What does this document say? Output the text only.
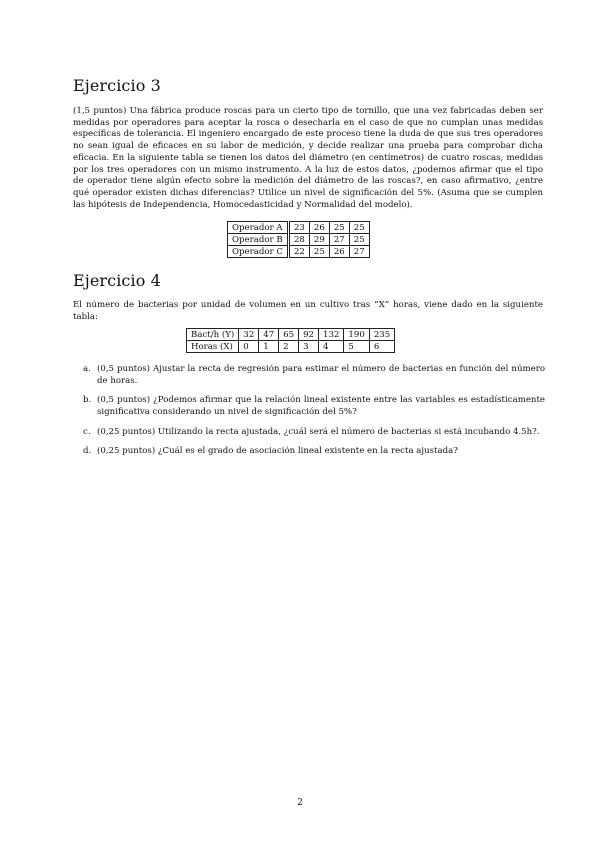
Ejercicio 3

(1,5 puntos) Una fábrica produce roscas para un cierto tipo de tornillo, que una vez fabricadas deben ser medidas por operadores para aceptar la rosca o desecharla en el caso de que no cumplan unas medidas específicas de tolerancia. El ingeniero encargado de este proceso tiene la duda de que sus tres operadores no sean igual de eficaces en su labor de medición, y decide realizar una prueba para comprobar dicha eficacia. En la siguiente tabla se tienen los datos del diámetro (en centímetros) de cuatro roscas, medidas por los tres operadores con un mismo instrumento. A la luz de estos datos, ¿podemos afirmar que el tipo de operador tiene algún efecto sobre la medición del diámetro de las roscas?, en caso afirmativo, ¿entre qué operador existen dichas diferencias? Utilice un nivel de significación del 5%. (Asuma que se cumplen las hipótesis de Independencia, Homocedasticidad y Normalidad del modelo).

Operador A	23	26	25	25
Operador B	28	29	27	25
Operador C	22	25	26	27
Ejercicio 4

El número de bacterias por unidad de volumen en un cultivo tras “X” horas, viene dado en la siguiente tabla:

Bact/h (Y)	32	47	65	92	132	190	235
Horas (X)	0	1	2	3	4	5	6
a. (0,5 puntos) Ajustar la recta de regresión para estimar el número de bacterias en función del número de horas.
b. (0,5 puntos) ¿Podemos afirmar que la relación lineal existente entre las variables es estadísticamente significativa considerando un nivel de significación del 5%?
c. (0,25 puntos) Utilizando la recta ajustada, ¿cuál será el número de bacterias si está incubando 4.5h?.
d. (0,25 puntos) ¿Cuál es el grado de asociación lineal existente en la recta ajustada?
2
